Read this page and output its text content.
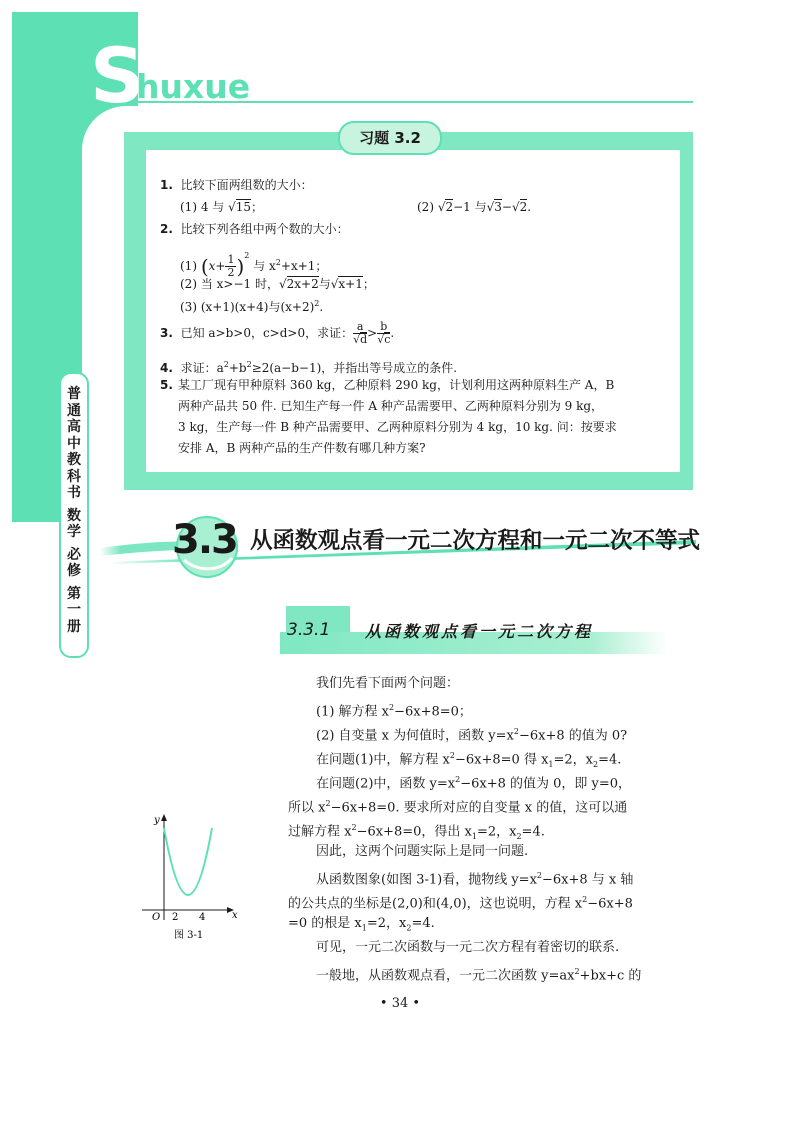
S
huxue
习题 3.2
1. 比较下面两组数的大小：
(1) 4 与 √15；	(2) √2−1 与√3−√2.
2. 比较下列各组中两个数的大小：
(1) $(x+ \frac{1}{2} )^2$ 与 $x^2+x+1$；
(2) 当 x>−1 时，√2x+2与√x+1；
(3) (x+1)(x+4)与$(x+2)^2$.
3. 已知 a>b>0，c>d>0，求证： $\frac{a}{√d} > \frac{b}{√c}$ .
4. 求证：$a^2+b^2\ge 2(a-b-1)$，并指出等号成立的条件.
5. 某工厂现有甲种原料 360 kg，乙种原料 290 kg，计划利用这两种原料生产 A，B
两种产品共 50 件. 已知生产每一件 A 种产品需要甲、乙两种原料分别为 9 kg，
3 kg，生产每一件 B 种产品需要甲、乙两种原料分别为 4 kg，10 kg. 问：按要求
安排 A，B 两种产品的生产件数有哪几种方案?
普
通
高
中
教
科
书
数
学
必
修
第
一
册
3.3 从函数观点看一元二次方程和一元二次不等式
3.3.1 从函数观点看一元二次方程
我们先看下面两个问题：
(1) 解方程 $x^2-6x+8=0$；
(2) 自变量 x 为何值时，函数 $y=x^2-6x+8$ 的值为 0?
在问题(1)中，解方程 $x^2-6x+8=0$ 得 $x_1=2$，$x_2=4$.
在问题(2)中，函数 $y=x^2-6x+8$ 的值为 0，即 y=0，
所以 $x^2-6x+8=0$. 要求所对应的自变量 x 的值，这可以通
过解方程 $x^2-6x+8=0$，得出 $x_1=2$，$x_2=4$.
因此，这两个问题实际上是同一问题.
从函数图象(如图 3-1)看，抛物线 $y=x^2-6x+8$ 与 x 轴
的公共点的坐标是(2,0)和(4,0)，这也说明，方程 $x^2-6x+8$
=0 的根是 $x_1=2$，$x_2=4$.
可见，一元二次函数与一元二次方程有着密切的联系.
一般地，从函数观点看，一元二次函数 $y=ax^2+bx+c$ 的
y
x
O 2 4
图 3-1
• 34 •
